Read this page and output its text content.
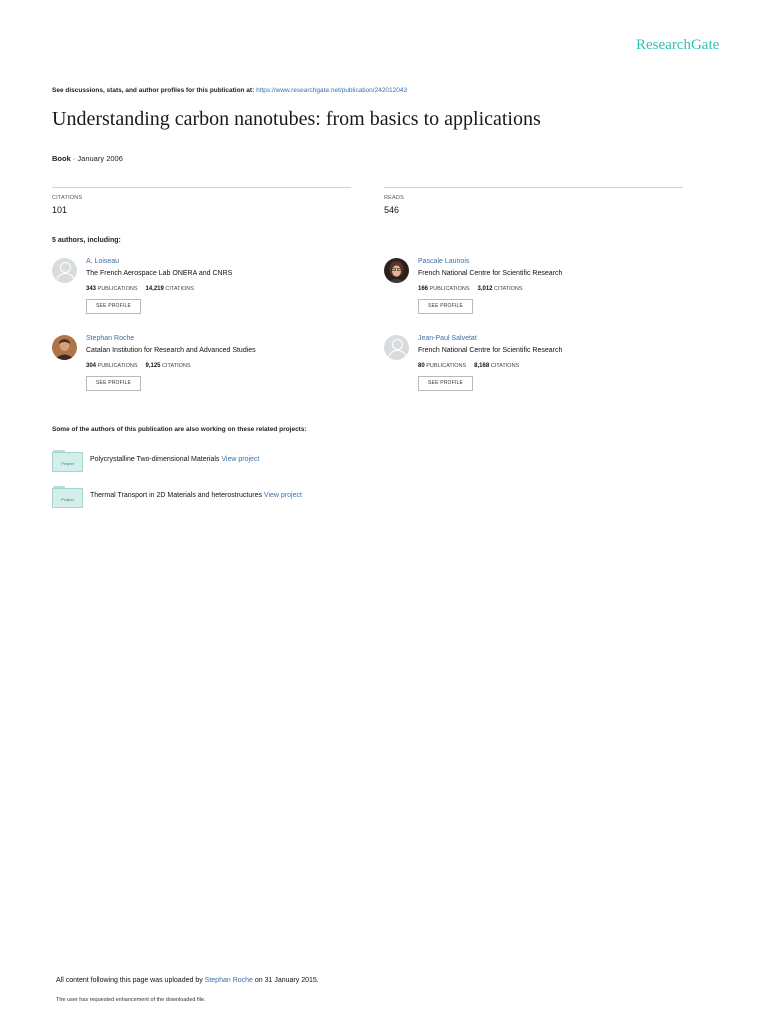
ResearchGate
See discussions, stats, and author profiles for this publication at: https://www.researchgate.net/publication/242012043
Understanding carbon nanotubes: from basics to applications
Book · January 2006
CITATIONS
101
READS
546
5 authors, including:
A. Loiseau
The French Aerospace Lab ONERA and CNRS
343 PUBLICATIONS 14,219 CITATIONS
SEE PROFILE
Pascale Launois
French National Centre for Scientific Research
166 PUBLICATIONS 3,012 CITATIONS
SEE PROFILE
Stephan Roche
Catalan Institution for Research and Advanced Studies
304 PUBLICATIONS 9,125 CITATIONS
SEE PROFILE
Jean-Paul Salvetat
French National Centre for Scientific Research
80 PUBLICATIONS 8,168 CITATIONS
SEE PROFILE
Some of the authors of this publication are also working on these related projects:
Project
Polycrystalline Two-dimensional Materials View project
Project
Thermal Transport in 2D Materials and heterostructures View project
All content following this page was uploaded by Stephan Roche on 31 January 2015.
The user has requested enhancement of the downloaded file.
